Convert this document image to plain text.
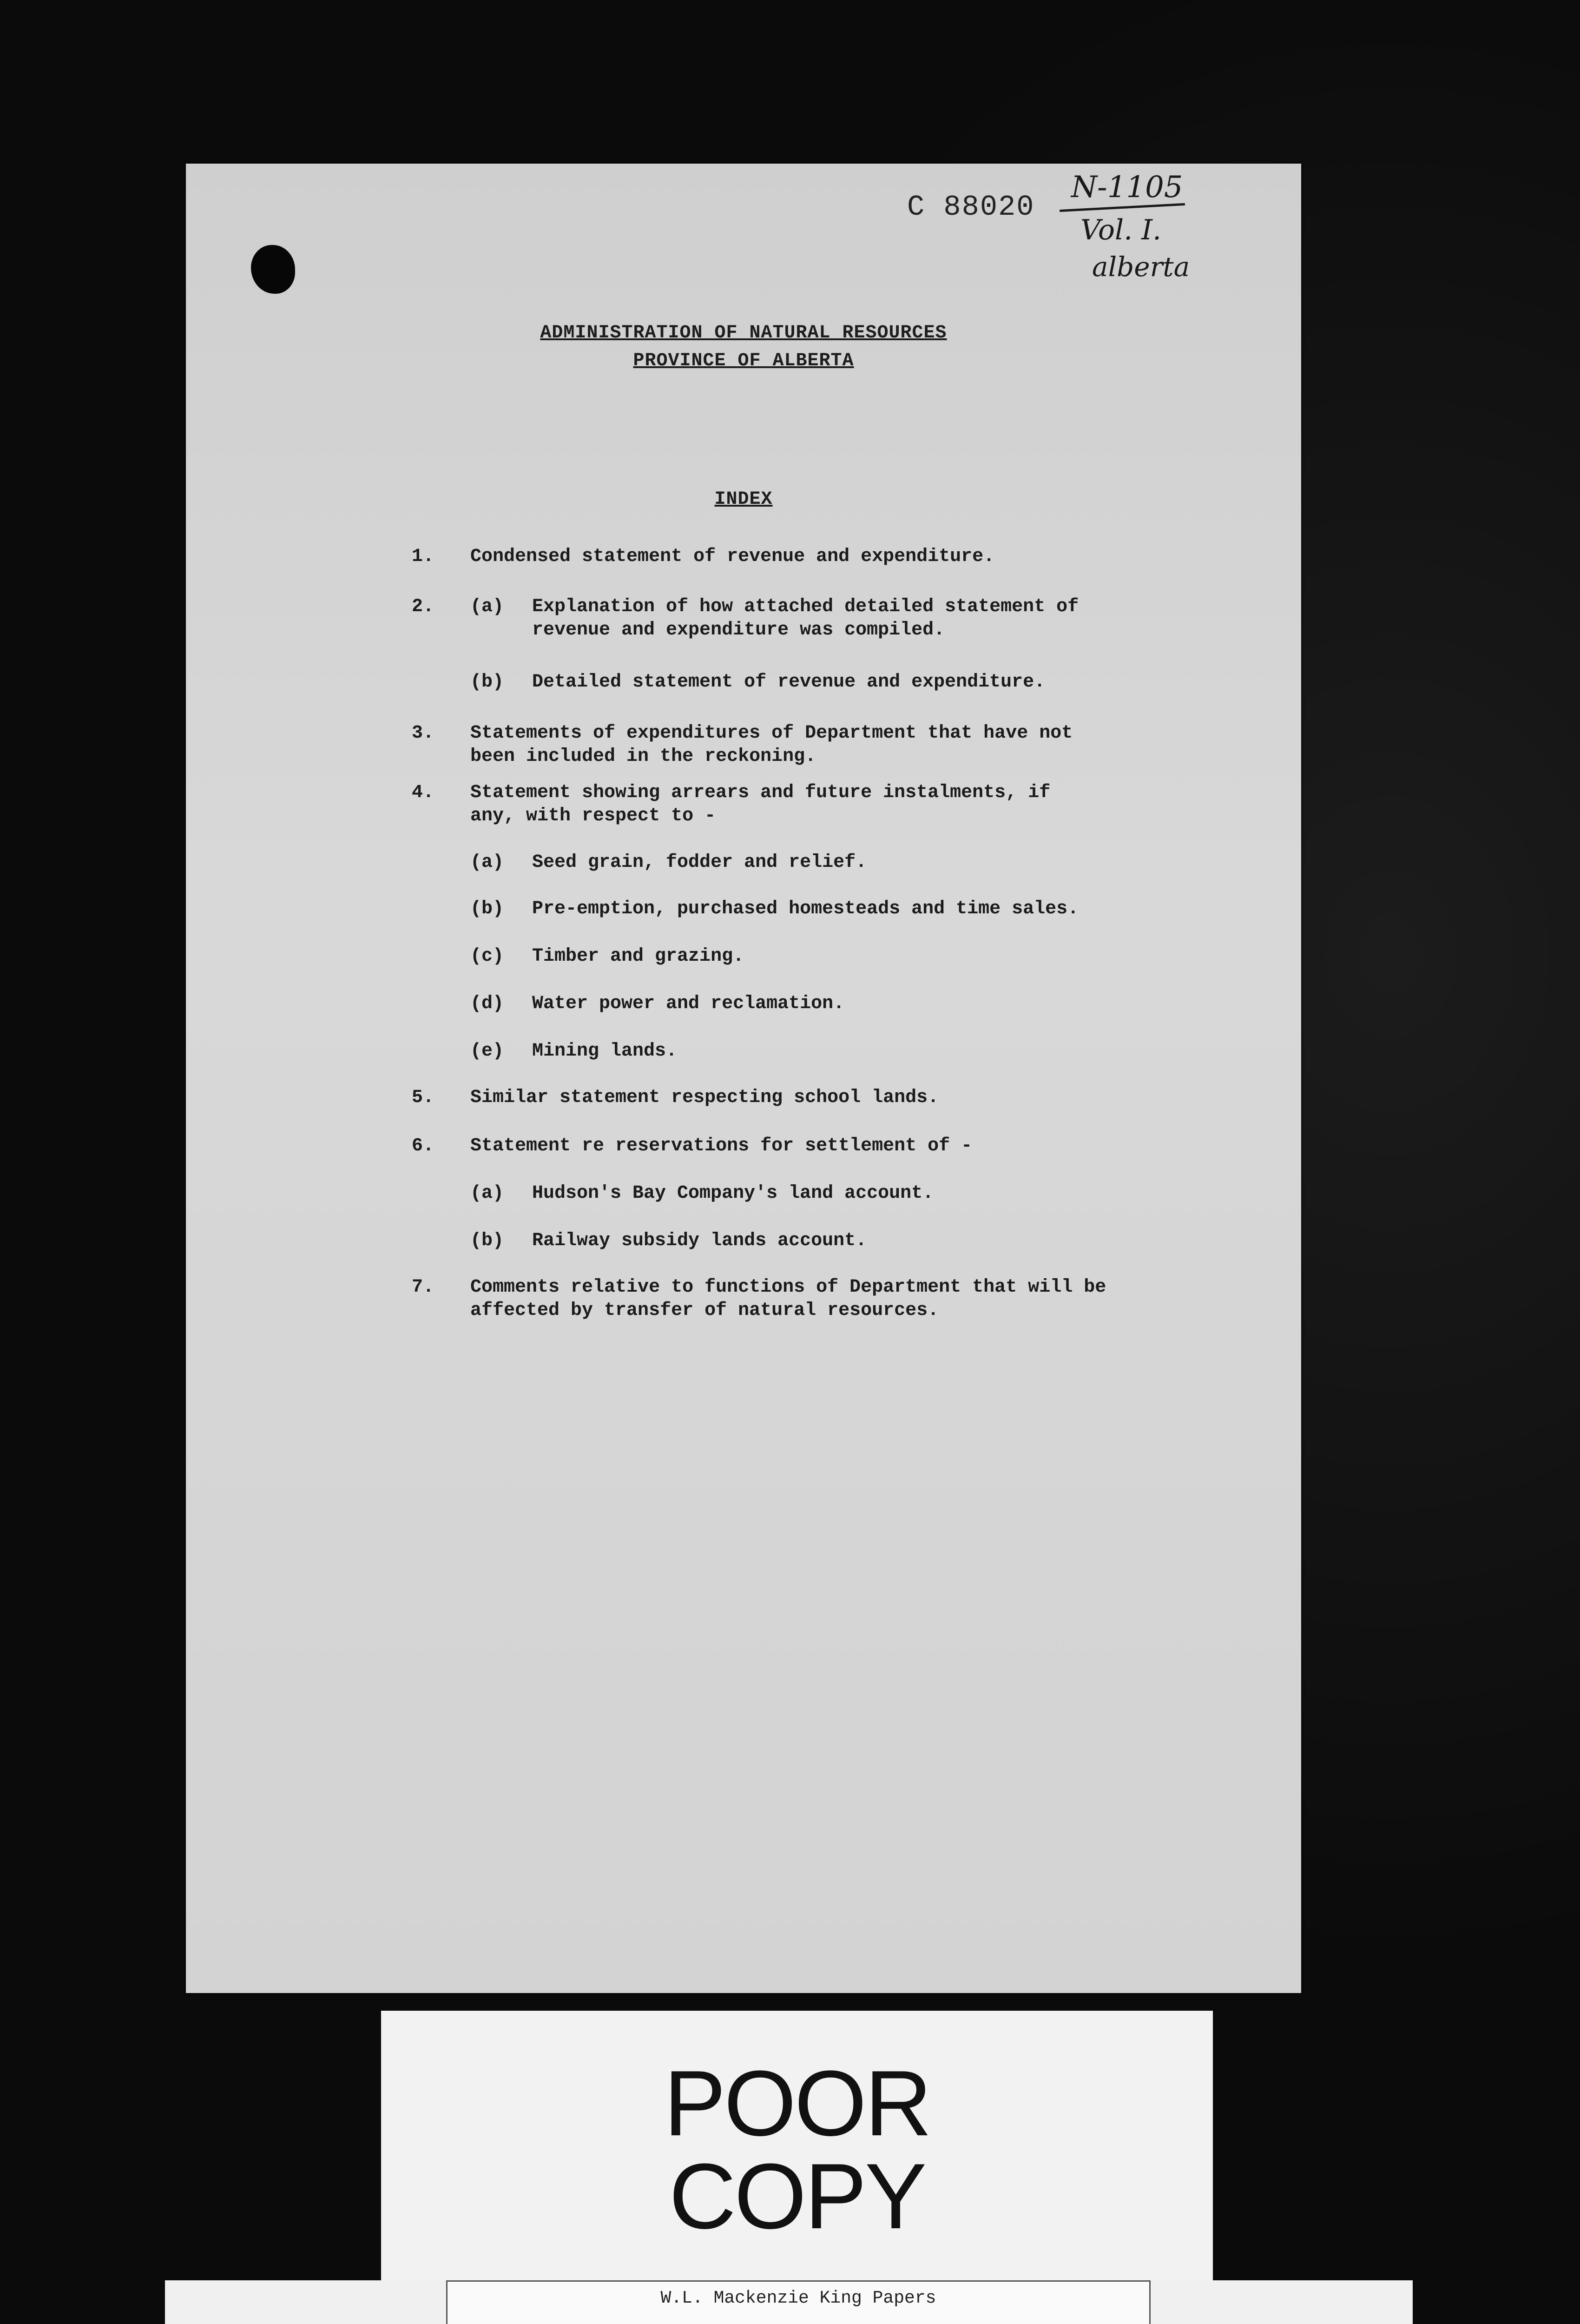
C 88020
N-1105
Vol. I.
alberta
ADMINISTRATION OF NATURAL RESOURCES
PROVINCE OF ALBERTA
INDEX
1. Condensed statement of revenue and expenditure.
2. (a) Explanation of how attached detailed statement of
revenue and expenditure was compiled.
(b) Detailed statement of revenue and expenditure.
3. Statements of expenditures of Department that have not
been included in the reckoning.
4. Statement showing arrears and future instalments, if
any, with respect to -
(a) Seed grain, fodder and relief.
(b) Pre-emption, purchased homesteads and time sales.
(c) Timber and grazing.
(d) Water power and reclamation.
(e) Mining lands.
5. Similar statement respecting school lands.
6. Statement re reservations for settlement of -
(a) Hudson's Bay Company's land account.
(b) Railway subsidy lands account.
7. Comments relative to functions of Department that will be
affected by transfer of natural resources.
POOR
COPY
W.L. Mackenzie King Papers
